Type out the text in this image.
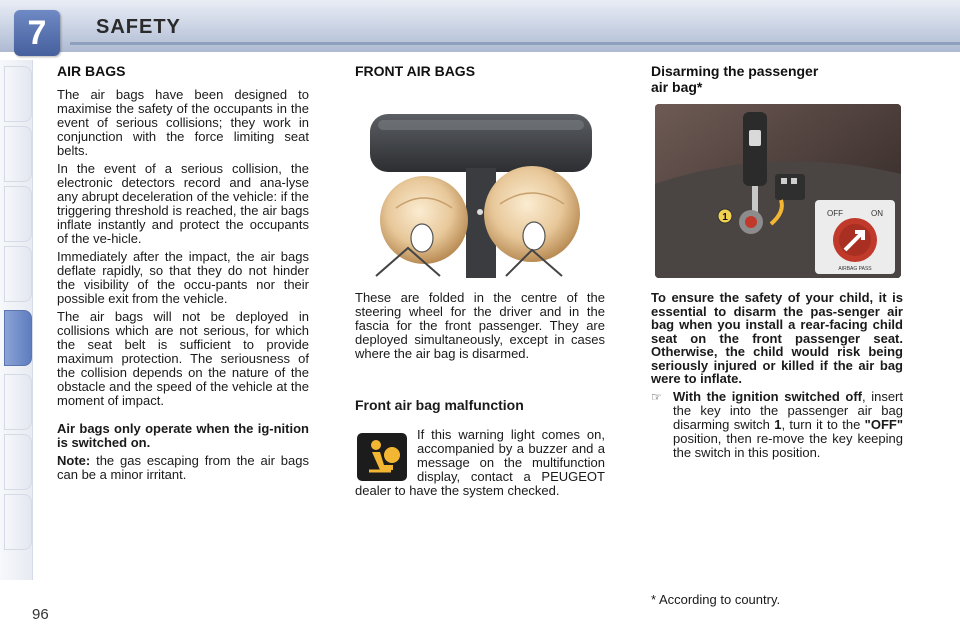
7	SAFETY
AIR BAGS

The air bags have been designed to maximise the safety of the occupants in the event of serious collisions; they work in conjunction with the force limiting seat belts.

In the event of a serious collision, the electronic detectors record and ana-lyse any abrupt deceleration of the vehicle: if the triggering threshold is reached, the air bags inflate instantly and protect the occupants of the ve-hicle.

Immediately after the impact, the air bags deflate rapidly, so that they do not hinder the visibility of the occu-pants nor their possible exit from the vehicle.

The air bags will not be deployed in collisions which are not serious, for which the seat belt is sufficient to provide maximum protection. The seriousness of the collision depends on the nature of the obstacle and the speed of the vehicle at the moment of impact.

Air bags only operate when the ig-nition is switched on.

Note: the gas escaping from the air bags can be a minor irritant.

FRONT AIR BAGS

These are folded in the centre of the steering wheel for the driver and in the fascia for the front passenger. They are deployed simultaneously, except in cases where the air bag is disarmed.

Front air bag malfunction

If this warning light comes on, accompanied by a buzzer and a message on the multifunction display, contact a PEUGEOT dealer to have the system checked.

Disarming the passenger
air bag*
1	OFF	ON
AIRBAG PASS

To ensure the safety of your child, it is essential to disarm the pas-senger air bag when you install a rear-facing child seat on the front passenger seat. Otherwise, the child would risk being seriously injured or killed if the air bag were to inflate.

☞ With the ignition switched off, insert the key into the passenger air bag disarming switch 1, turn it to the "OFF" position, then re-move the key keeping the switch in this position.

* According to country.
96
